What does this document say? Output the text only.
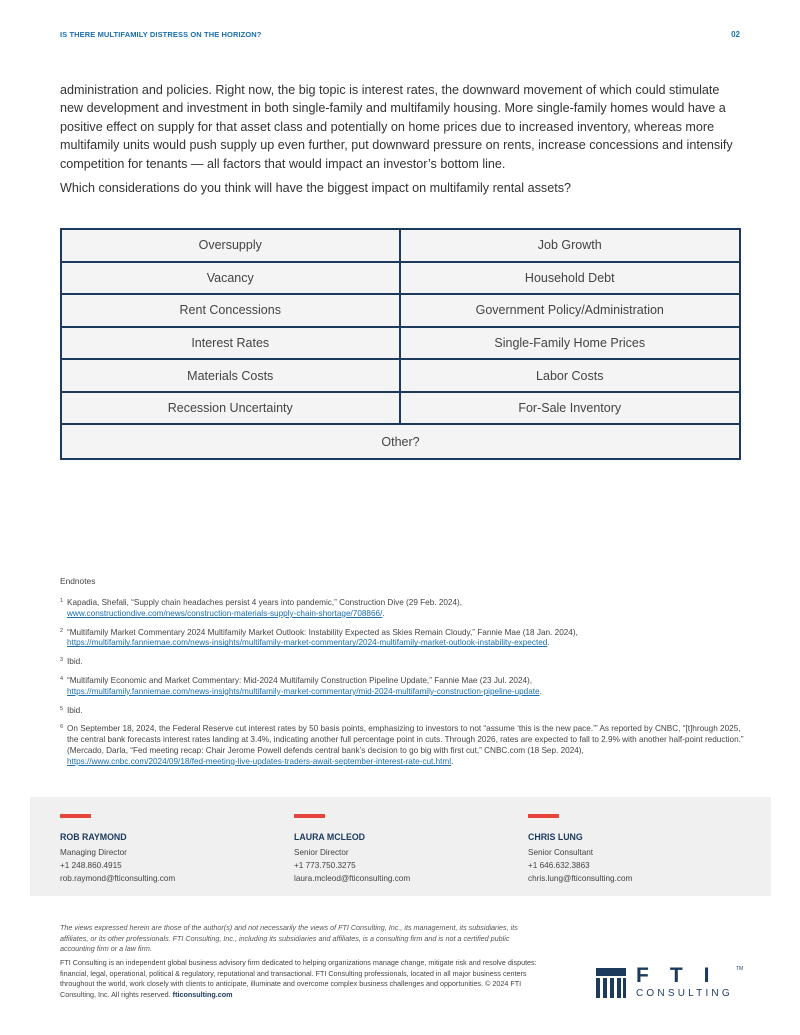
IS THERE MULTIFAMILY DISTRESS ON THE HORIZON?	02

administration and policies. Right now, the big topic is interest rates, the downward movement of which could stimulate new development and investment in both single-family and multifamily housing. More single-family homes would have a positive effect on supply for that asset class and potentially on home prices due to increased inventory, whereas more multifamily units would push supply up even further, put downward pressure on rents, increase concessions and intensify competition for tenants — all factors that would impact an investor’s bottom line.

Which considerations do you think will have the biggest impact on multifamily rental assets?

Oversupply	Job Growth
Vacancy	Household Debt
Rent Concessions	Government Policy/Administration
Interest Rates	Single-Family Home Prices
Materials Costs	Labor Costs
Recession Uncertainty	For-Sale Inventory
Other?
Endnotes
1 Kapadia, Shefali, “Supply chain headaches persist 4 years into pandemic,” Construction Dive (29 Feb. 2024),
www.constructiondive.com/news/construction-materials-supply-chain-shortage/708866/.
2 “Multifamily Market Commentary 2024 Multifamily Market Outlook: Instability Expected as Skies Remain Cloudy,” Fannie Mae (18 Jan. 2024),
https://multifamily.fanniemae.com/news-insights/multifamily-market-commentary/2024-multifamily-market-outlook-instability-expected.
3 Ibid.
4 “Multifamily Economic and Market Commentary: Mid-2024 Multifamily Construction Pipeline Update,” Fannie Mae (23 Jul. 2024),
https://multifamily.fanniemae.com/news-insights/multifamily-market-commentary/mid-2024-multifamily-construction-pipeline-update.
5 Ibid.
6 On September 18, 2024, the Federal Reserve cut interest rates by 50 basis points, emphasizing to investors to not “assume ‘this is the new pace.’” As reported by CNBC, “[t]hrough 2025, the central bank forecasts interest rates landing at 3.4%, indicating another full percentage point in cuts. Through 2026, rates are expected to fall to 2.9% with another half-point reduction.” (Mercado, Darla, “Fed meeting recap: Chair Jerome Powell defends central bank’s decision to go big with first cut,” CNBC.com (18 Sep. 2024),
https://www.cnbc.com/2024/09/18/fed-meeting-live-updates-traders-await-september-interest-rate-cut.html.
ROB RAYMOND
Managing Director
+1 248.860.4915
rob.raymond@fticonsulting.com
LAURA MCLEOD
Senior Director
+1 773.750.3275
laura.mcleod@fticonsulting.com
CHRIS LUNG
Senior Consultant
+1 646.632.3863
chris.lung@fticonsulting.com

The views expressed herein are those of the author(s) and not necessarily the views of FTI Consulting, Inc., its management, its subsidiaries, its affiliates, or its other professionals. FTI Consulting, Inc., including its subsidiaries and affiliates, is a consulting firm and is not a certified public accounting firm or a law firm.

FTI Consulting is an independent global business advisory firm dedicated to helping organizations manage change, mitigate risk and resolve disputes: financial, legal, operational, political & regulatory, reputational and transactional. FTI Consulting professionals, located in all major business centers throughout the world, work closely with clients to anticipate, illuminate and overcome complex business challenges and opportunities. © 2024 FTI Consulting, Inc. All rights reserved. fticonsulting.com

FTI TM
CONSULTING
